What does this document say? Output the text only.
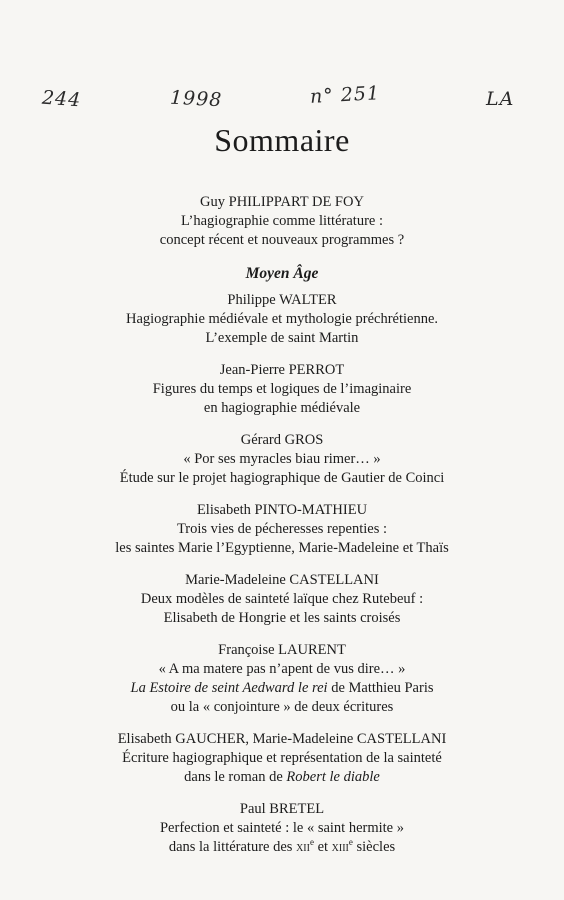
244	1998	n° 251	LA
Sommaire
Guy PHILIPPART DE FOY
L’hagiographie comme littérature :
concept récent et nouveaux programmes ?
Moyen Âge
Philippe WALTER
Hagiographie médiévale et mythologie préchrétienne.
L’exemple de saint Martin
Jean-Pierre PERROT
Figures du temps et logiques de l’imaginaire
en hagiographie médiévale
Gérard GROS
« Por ses myracles biau rimer… »
Étude sur le projet hagiographique de Gautier de Coinci
Elisabeth PINTO-MATHIEU
Trois vies de pécheresses repenties :
les saintes Marie l’Egyptienne, Marie-Madeleine et Thaïs
Marie-Madeleine CASTELLANI
Deux modèles de sainteté laïque chez Rutebeuf :
Elisabeth de Hongrie et les saints croisés
Françoise LAURENT
« A ma matere pas n’apent de vus dire… »
La Estoire de seint Aedward le rei de Matthieu Paris
ou la « conjointure » de deux écritures
Elisabeth GAUCHER, Marie-Madeleine CASTELLANI
Écriture hagiographique et représentation de la sainteté
dans le roman de Robert le diable
Paul BRETEL
Perfection et sainteté : le « saint hermite »
dans la littérature des xii$^e$ et xiii$^e$ siècles
